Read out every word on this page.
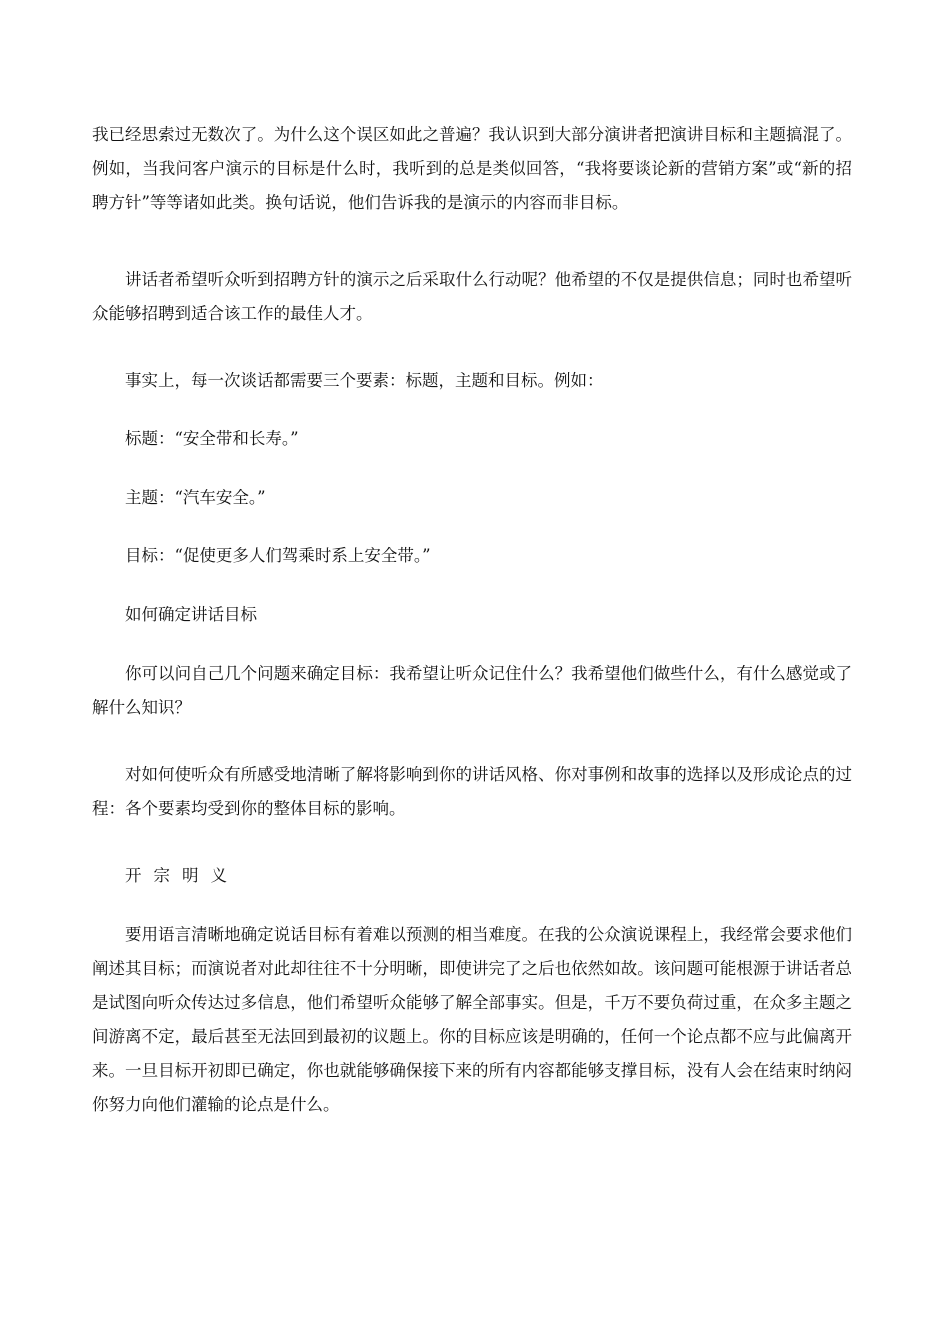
我已经思索过无数次了。为什么这个误区如此之普遍？我认识到大部分演讲者把演讲目标和主题搞混了。例如，当我问客户演示的目标是什么时，我听到的总是类似回答，“我将要谈论新的营销方案”或“新的招聘方针”等等诸如此类。换句话说，他们告诉我的是演示的内容而非目标。

讲话者希望听众听到招聘方针的演示之后采取什么行动呢？他希望的不仅是提供信息；同时也希望听众能够招聘到适合该工作的最佳人才。

事实上，每一次谈话都需要三个要素：标题，主题和目标。例如：

标题：“安全带和长寿。”

主题：“汽车安全。”

目标：“促使更多人们驾乘时系上安全带。”

如何确定讲话目标

你可以问自己几个问题来确定目标：我希望让听众记住什么？我希望他们做些什么，有什么感觉或了解什么知识？

对如何使听众有所感受地清晰了解将影响到你的讲话风格、你对事例和故事的选择以及形成论点的过程：各个要素均受到你的整体目标的影响。

开宗明义

要用语言清晰地确定说话目标有着难以预测的相当难度。在我的公众演说课程上，我经常会要求他们阐述其目标；而演说者对此却往往不十分明晰，即使讲完了之后也依然如故。该问题可能根源于讲话者总是试图向听众传达过多信息，他们希望听众能够了解全部事实。但是，千万不要负荷过重，在众多主题之间游离不定，最后甚至无法回到最初的议题上。你的目标应该是明确的，任何一个论点都不应与此偏离开来。一旦目标开初即已确定，你也就能够确保接下来的所有内容都能够支撑目标，没有人会在结束时纳闷你努力向他们灌输的论点是什么。
